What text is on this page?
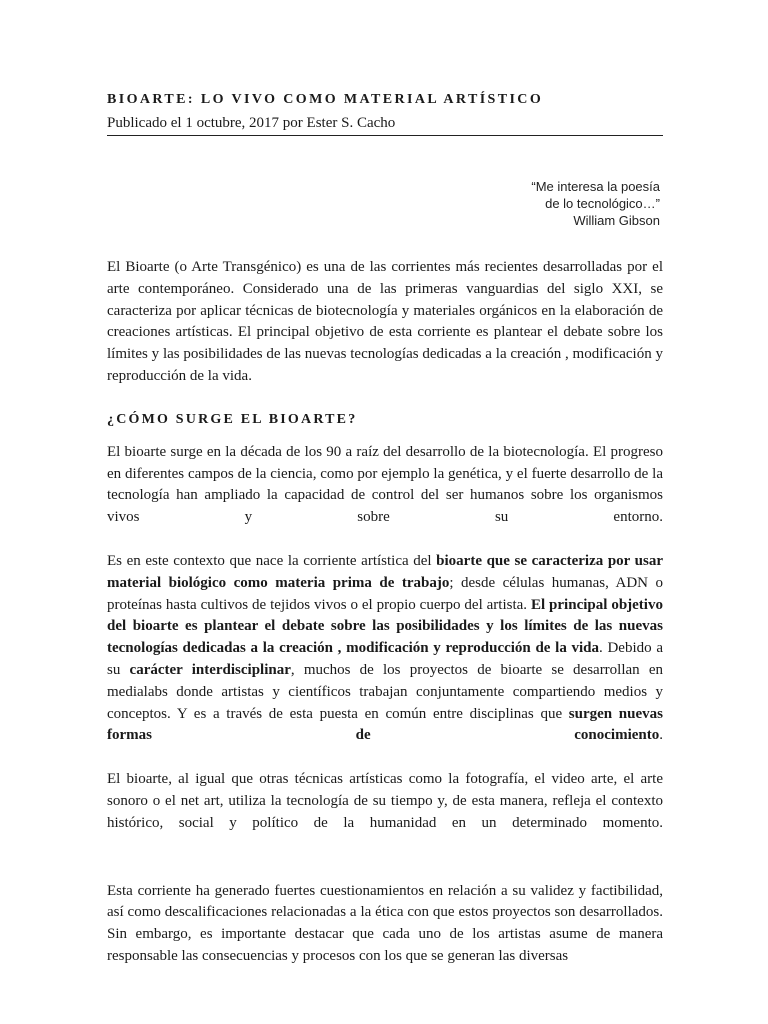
BIOARTE: LO VIVO COMO MATERIAL ARTÍSTICO
Publicado el 1 octubre, 2017 por Ester S. Cacho
“Me interesa la poesía
de lo tecnológico…”
William Gibson

El Bioarte (o Arte Transgénico) es una de las corrientes más recientes desarrolladas por el arte contemporáneo. Considerado una de las primeras vanguardias del siglo XXI, se caracteriza por aplicar técnicas de biotecnología y materiales orgánicos en la elaboración de creaciones artísticas. El principal objetivo de esta corriente es plantear el debate sobre los límites y las posibilidades de las nuevas tecnologías dedicadas a la creación , modificación y reproducción de la vida.

¿CÓMO SURGE EL BIOARTE?

El bioarte surge en la década de los 90 a raíz del desarrollo de la biotecnología. El progreso en diferentes campos de la ciencia, como por ejemplo la genética, y el fuerte desarrollo de la tecnología han ampliado la capacidad de control del ser humanos sobre los organismos vivos y sobre su entorno.

Es en este contexto que nace la corriente artística del bioarte que se caracteriza por usar material biológico como materia prima de trabajo; desde células humanas, ADN o proteínas hasta cultivos de tejidos vivos o el propio cuerpo del artista. El principal objetivo del bioarte es plantear el debate sobre las posibilidades y los límites de las nuevas tecnologías dedicadas a la creación , modificación y reproducción de la vida. Debido a su carácter interdisciplinar, muchos de los proyectos de bioarte se desarrollan en medialabs donde artistas y científicos trabajan conjuntamente compartiendo medios y conceptos. Y es a través de esta puesta en común entre disciplinas que surgen nuevas formas de conocimiento.

El bioarte, al igual que otras técnicas artísticas como la fotografía, el video arte, el arte sonoro o el net art, utiliza la tecnología de su tiempo y, de esta manera, refleja el contexto histórico, social y político de la humanidad en un determinado momento.

Esta corriente ha generado fuertes cuestionamientos en relación a su validez y factibilidad, así como descalificaciones relacionadas a la ética con que estos proyectos son desarrollados. Sin embargo, es importante destacar que cada uno de los artistas asume de manera responsable las consecuencias y procesos con los que se generan las diversas
